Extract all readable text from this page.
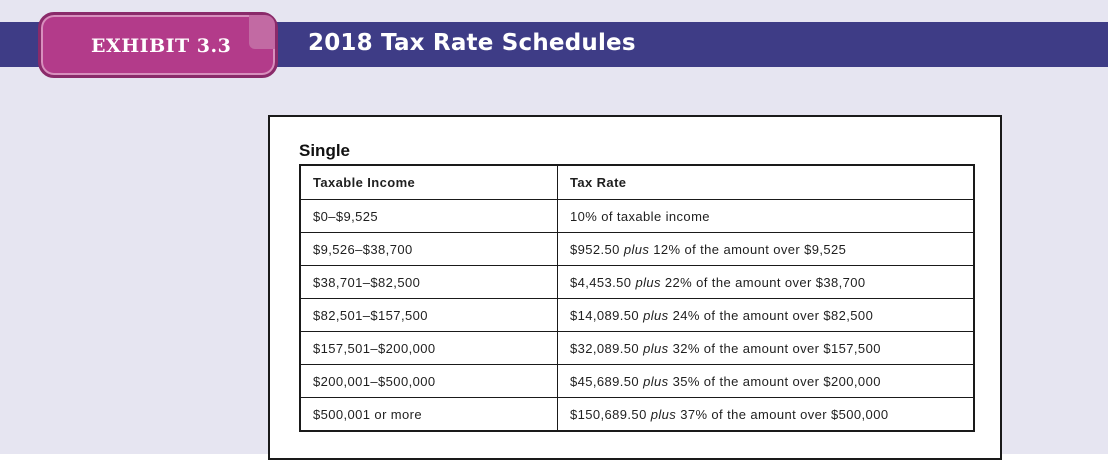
2018 Tax Rate Schedules
EXHIBIT 3.3
Single
Taxable Income	Tax Rate
$0–$9,525	10% of taxable income
$9,526–$38,700	$952.50 plus 12% of the amount over $9,525
$38,701–$82,500	$4,453.50 plus 22% of the amount over $38,700
$82,501–$157,500	$14,089.50 plus 24% of the amount over $82,500
$157,501–$200,000	$32,089.50 plus 32% of the amount over $157,500
$200,001–$500,000	$45,689.50 plus 35% of the amount over $200,000
$500,001 or more	$150,689.50 plus 37% of the amount over $500,000
